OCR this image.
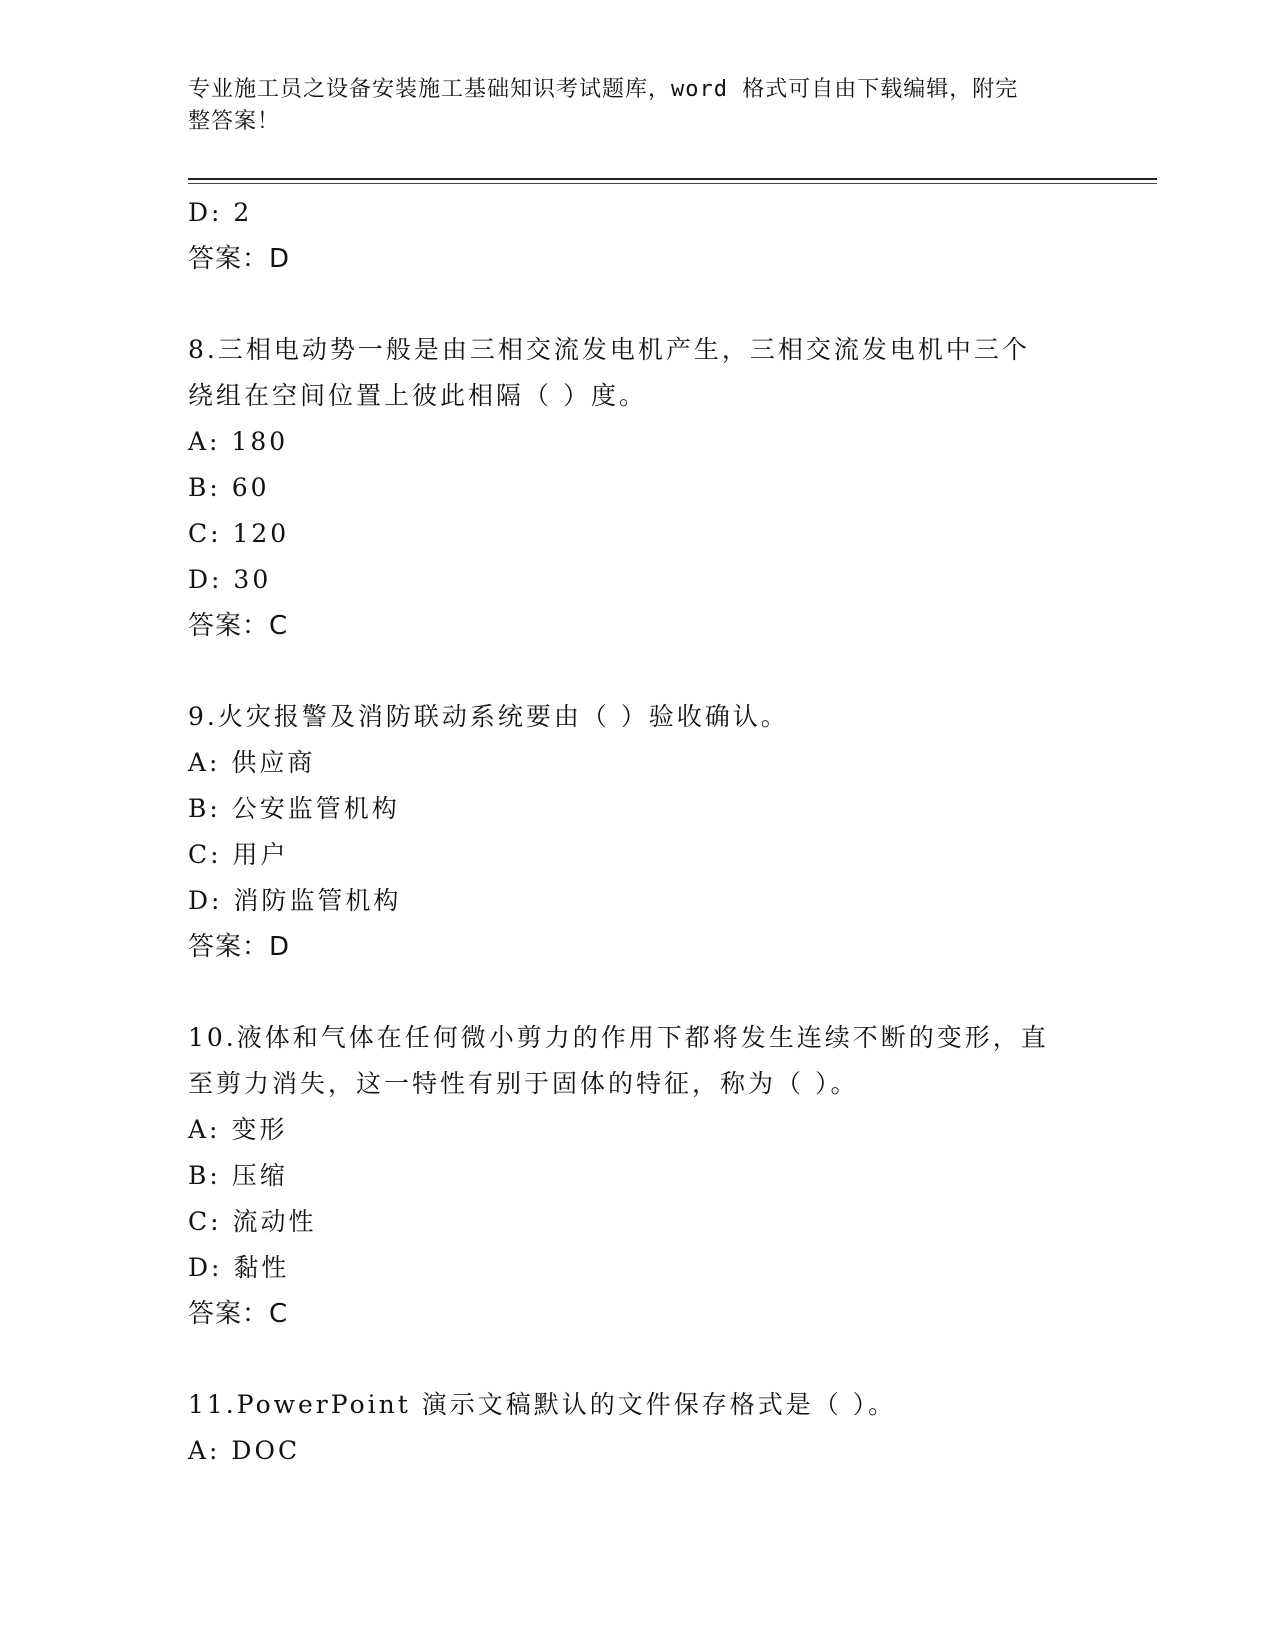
专业施工员之设备安装施工基础知识考试题库，word 格式可自由下载编辑，附完
整答案！
D: 2
答案：D
8.三相电动势一般是由三相交流发电机产生，三相交流发电机中三个
绕组在空间位置上彼此相隔（ ）度。
A: 180
B: 60
C: 120
D: 30
答案：C
9.火灾报警及消防联动系统要由（ ）验收确认。
A: 供应商
B: 公安监管机构
C: 用户
D: 消防监管机构
答案：D
10.液体和气体在任何微小剪力的作用下都将发生连续不断的变形，直
至剪力消失，这一特性有别于固体的特征，称为（ ）。
A: 变形
B: 压缩
C: 流动性
D: 黏性
答案：C
11.PowerPoint 演示文稿默认的文件保存格式是（ ）。
A: DOC
